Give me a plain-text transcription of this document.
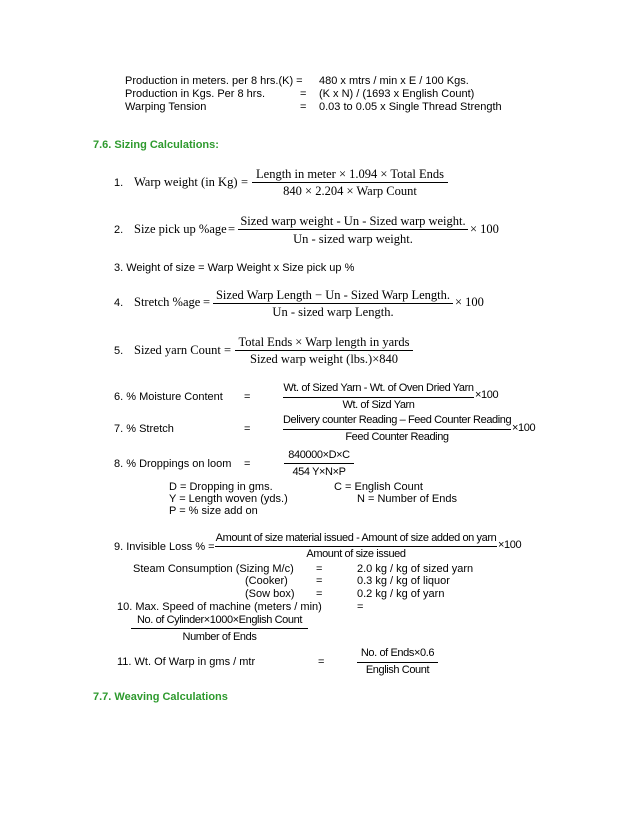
Production in meters. per 8 hrs.(K) = 480 x mtrs / min x E / 100 Kgs.
Production in Kgs. Per 8 hrs.	= (K x N) / (1693 x English Count)
Warping Tension	= 0.03 to 0.05 x Single Thread Strength
7.6. Sizing Calculations:
1. Warp weight (in Kg) =
Length in meter × 1.094 × Total Ends
840 × 2.204 × Warp Count
2. Size pick up %age =
Sized warp weight - Un - Sized warp weight.
Un - sized warp weight.
× 100
3. Weight of size = Warp Weight x Size pick up %
4. Stretch %age = Sized Warp Length − Un - Sized Warp Length.
Un - sized warp Length.
× 100
5. Sized yarn Count =
Total Ends × Warp length in yards
Sized warp weight (lbs.)×840
6. % Moisture Content =
Wt. of Sized Yarn - Wt. of Oven Dried Yarn
Wt. of Sizd Yarn
×100
7. % Stretch	=
Delivery counter Reading – Feed Counter Reading
Feed Counter Reading
×100
8. % Droppings on loom =
840000×D×C
454 Y×N×P
D = Dropping in gms.	C = English Count
Y = Length woven (yds.)	N = Number of Ends
P = % size add on
9. Invisible Loss % =
Amount of size material issued - Amount of size added on yarn
Amount of size issued
×100
Steam Consumption (Sizing M/c) =	2.0 kg / kg of sized yarn
(Cooker)	=	0.3 kg / kg of liquor
(Sow box) =	0.2 kg / kg of yarn
10. Max. Speed of machine (meters / min)	=
No. of Cylinder×1000×English Count
Number of Ends
11. Wt. Of Warp in gms / mtr	=
No. of Ends×0.6
English Count
7.7. Weaving Calculations
